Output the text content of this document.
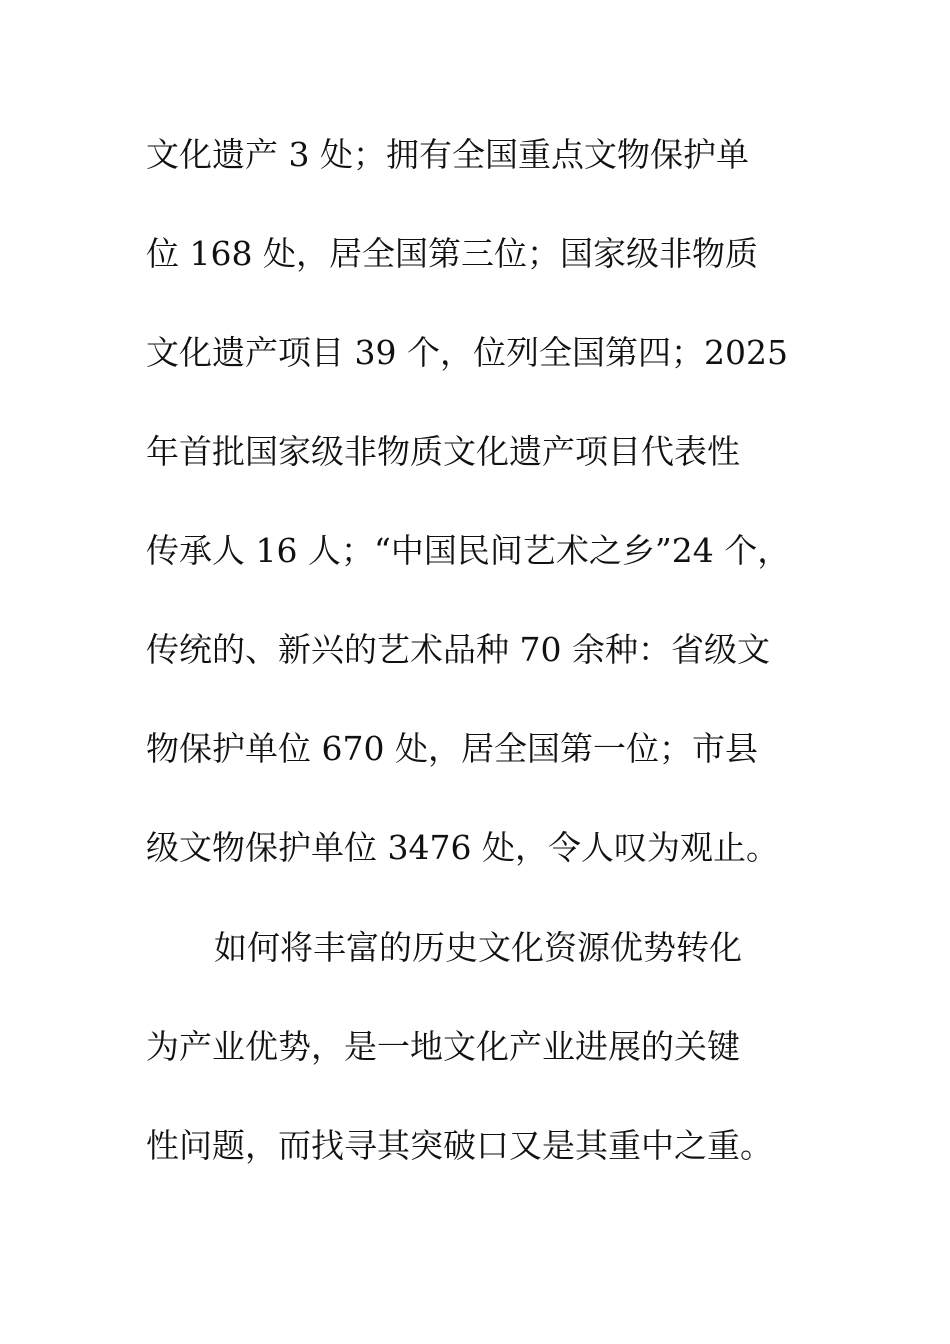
文化遗产 3 处；拥有全国重点文物保护单
位 168 处，居全国第三位；国家级非物质
文化遗产项目 39 个，位列全国第四；2025
年首批国家级非物质文化遗产项目代表性
传承人 16 人；“中国民间艺术之乡”24 个，
传统的、新兴的艺术品种 70 余种：省级文
物保护单位 670 处，居全国第一位；市县
级文物保护单位 3476 处，令人叹为观止。
如何将丰富的历史文化资源优势转化
为产业优势，是一地文化产业进展的关键
性问题，而找寻其突破口又是其重中之重。
